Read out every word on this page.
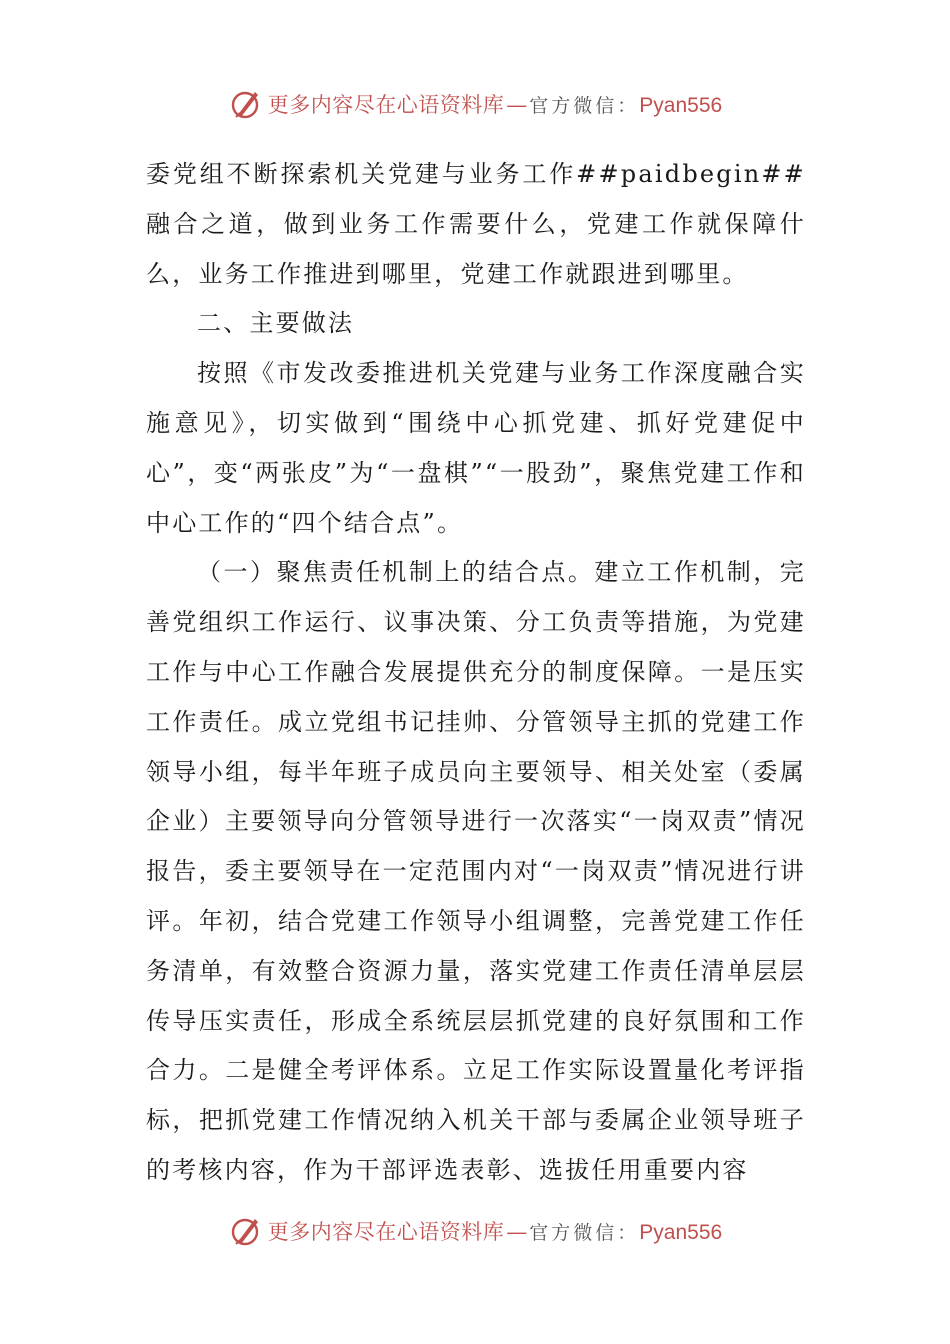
更多内容尽在心语资料库 — 官方微信： Pyan556

委党组不断探索机关党建与业务工作##paidbegin##融合之道，做到业务工作需要什么，党建工作就保障什么，业务工作推进到哪里，党建工作就跟进到哪里。

二、主要做法

按照《市发改委推进机关党建与业务工作深度融合实施意见》，切实做到“围绕中心抓党建、抓好党建促中心”，变“两张皮”为“一盘棋”“一股劲”，聚焦党建工作和中心工作的“四个结合点”。

（一）聚焦责任机制上的结合点。建立工作机制，完善党组织工作运行、议事决策、分工负责等措施，为党建工作与中心工作融合发展提供充分的制度保障。一是压实工作责任。成立党组书记挂帅、分管领导主抓的党建工作领导小组，每半年班子成员向主要领导、相关处室（委属企业）主要领导向分管领导进行一次落实“一岗双责”情况报告，委主要领导在一定范围内对“一岗双责”情况进行讲评。年初，结合党建工作领导小组调整，完善党建工作任务清单，有效整合资源力量，落实党建工作责任清单层层传导压实责任，形成全系统层层抓党建的良好氛围和工作合力。二是健全考评体系。立足工作实际设置量化考评指标，把抓党建工作情况纳入机关干部与委属企业领导班子的考核内容，作为干部评选表彰、选拔任用重要内容

更多内容尽在心语资料库 — 官方微信： Pyan556
